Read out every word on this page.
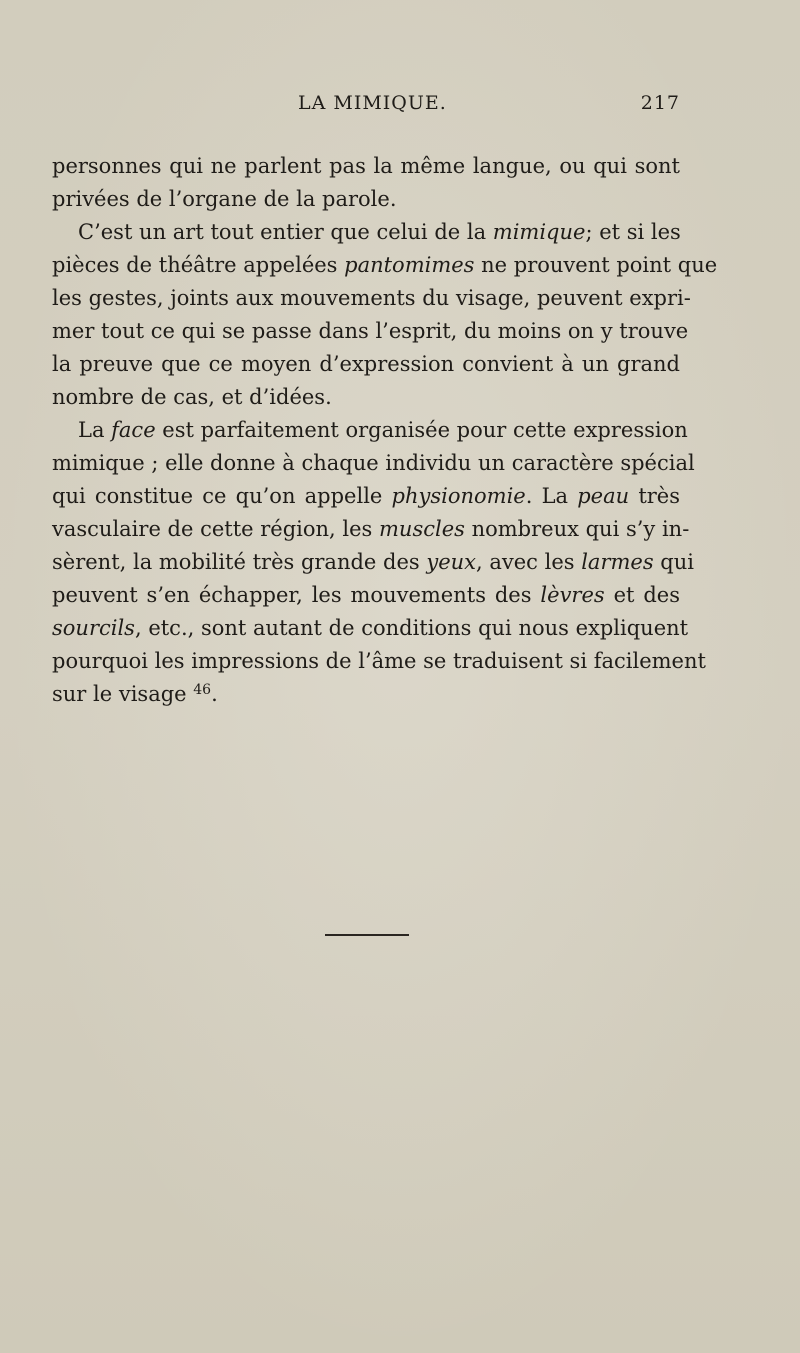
LA MIMIQUE.	217
personnes qui ne parlent pas la même langue, ou qui sont
privées de l’organe de la parole.
C’est un art tout entier que celui de la mimique; et si les
pièces de théâtre appelées pantomimes ne prouvent point que
les gestes, joints aux mouvements du visage, peuvent expri-
mer tout ce qui se passe dans l’esprit, du moins on y trouve
la preuve que ce moyen d’expression convient à un grand
nombre de cas, et d’idées.
La face est parfaitement organisée pour cette expression
mimique ; elle donne à chaque individu un caractère spécial
qui constitue ce qu’on appelle physionomie. La peau très
vasculaire de cette région, les muscles nombreux qui s’y in-
sèrent, la mobilité très grande des yeux, avec les larmes qui
peuvent s’en échapper, les mouvements des lèvres et des
sourcils, etc., sont autant de conditions qui nous expliquent
pourquoi les impressions de l’âme se traduisent si facilement
sur le visage $^{46}$.
